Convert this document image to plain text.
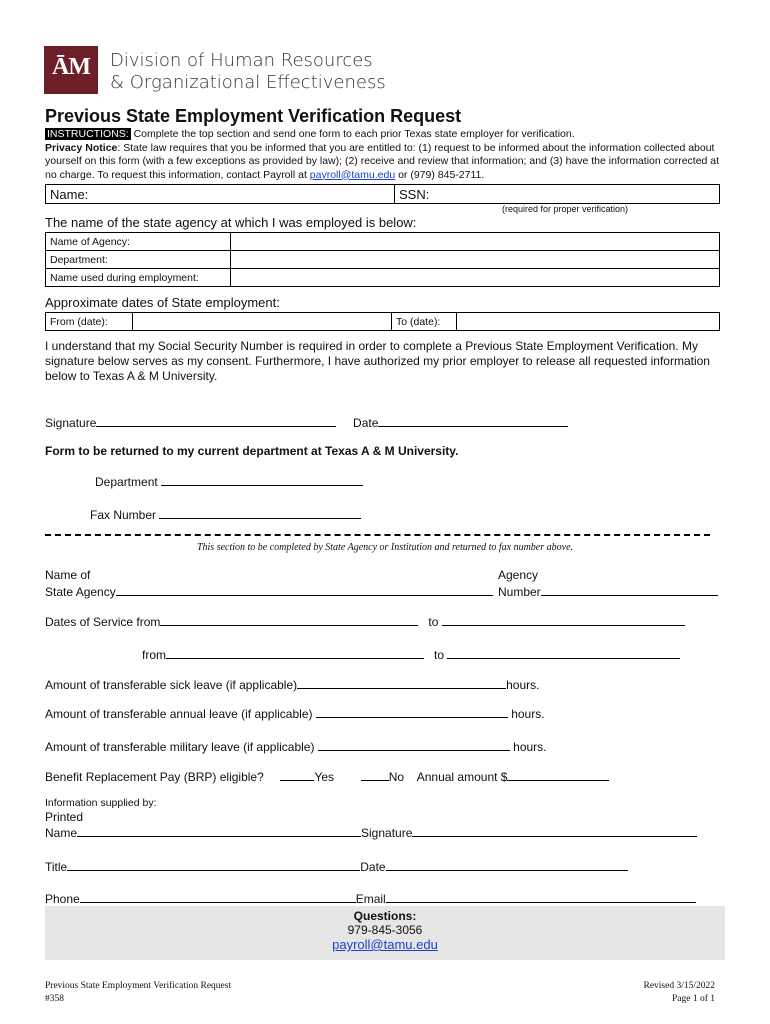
ĀM	Division of Human Resources
& Organizational Effectiveness
Previous State Employment Verification Request
INSTRUCTIONS: Complete the top section and send one form to each prior Texas state employer for verification.
Privacy Notice: State law requires that you be informed that you are entitled to: (1) request to be informed about the information collected about yourself on this form (with a few exceptions as provided by law); (2) receive and review that information; and (3) have the information corrected at no charge. To request this information, contact Payroll at payroll@tamu.edu or (979) 845-2711.
Name:	SSN:
(required for proper verification)
The name of the state agency at which I was employed is below:
Name of Agency:	
Department:	
Name used during employment:	
Approximate dates of State employment:
From (date):		To (date):	
I understand that my Social Security Number is required in order to complete a Previous State Employment Verification. My signature below serves as my consent. Furthermore, I have authorized my prior employer to release all requested information below to Texas A & M University.
Signature	Date
Form to be returned to my current department at Texas A & M University.
Department
Fax Number
This section to be completed by State Agency or Institution and returned to fax number above.
Name of
State Agency
Agency
Number
Dates of Service from	to
from	to
Amount of transferable sick leave (if applicable)	hours.
Amount of transferable annual leave (if applicable)	hours.
Amount of transferable military leave (if applicable)	hours.
Benefit Replacement Pay (BRP) eligible?	Yes	No Annual amount $
Information supplied by:
Printed
Name	Signature
Title	Date
Phone	Email
Questions:
979-845-3056
payroll@tamu.edu
Previous State Employment Verification Request
#358
Revised 3/15/2022
Page 1 of 1
